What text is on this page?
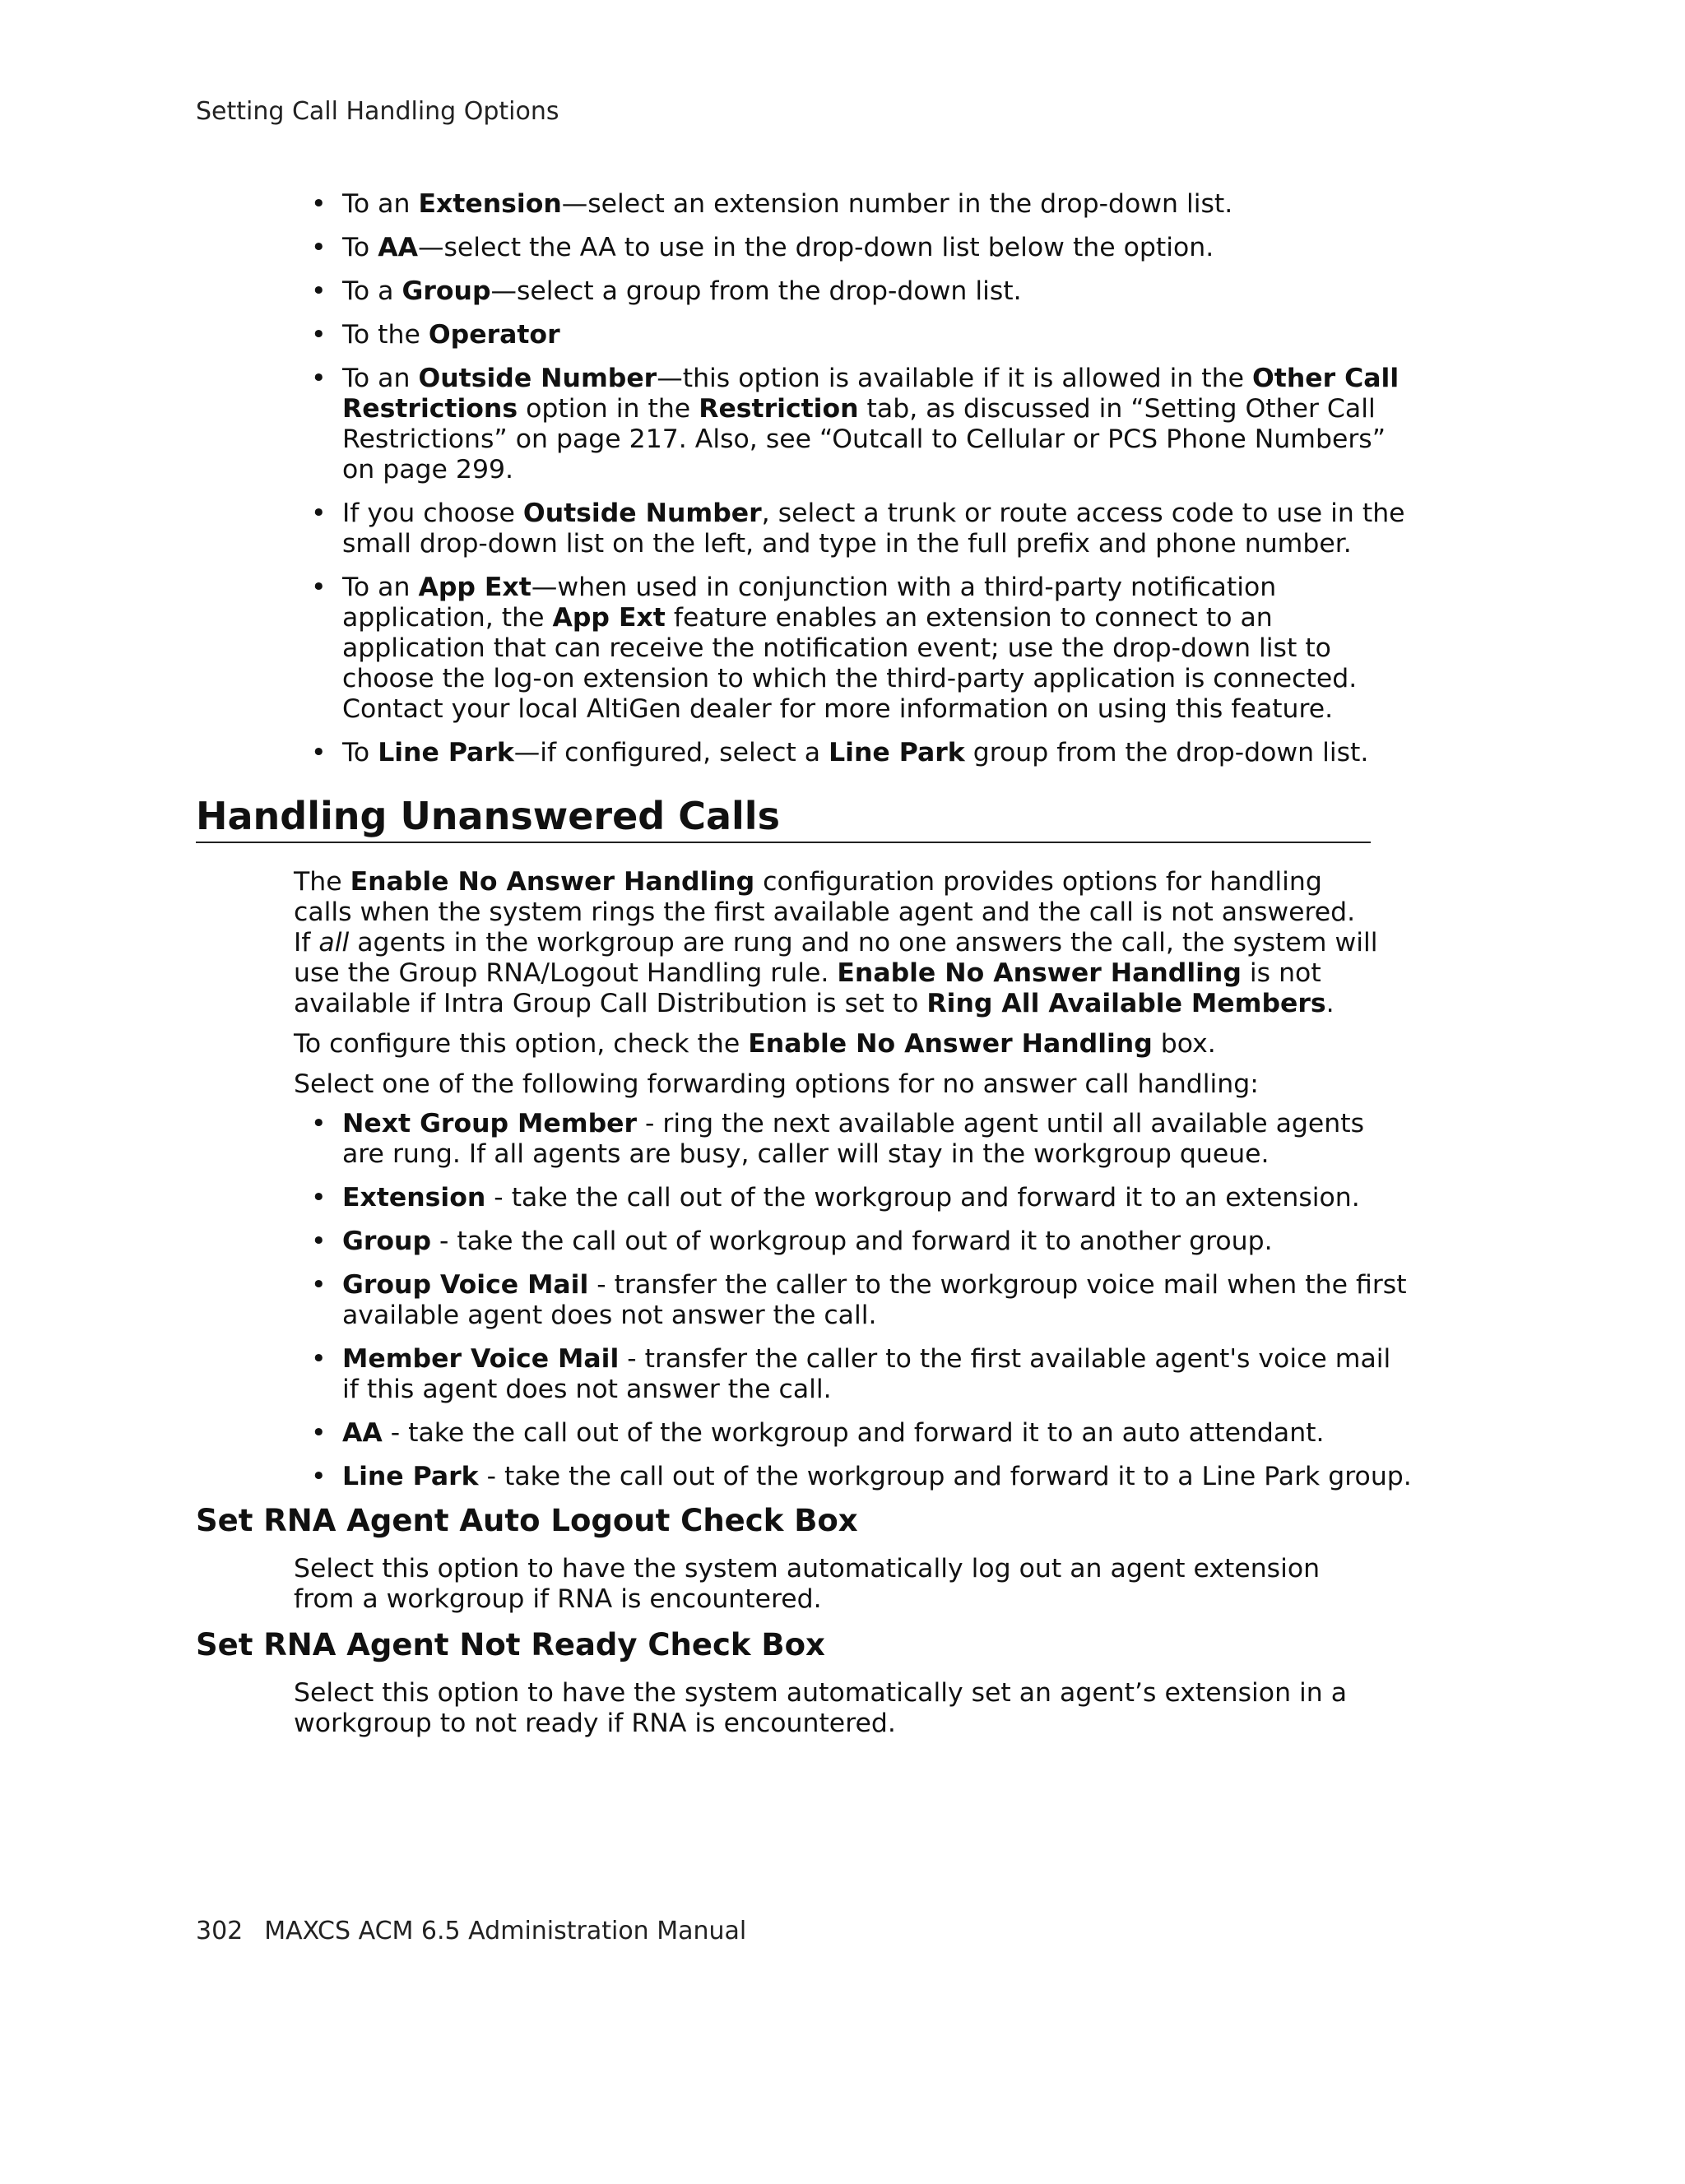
Setting Call Handling Options
• To an Extension—select an extension number in the drop-down list.
• To AA—select the AA to use in the drop-down list below the option.
• To a Group—select a group from the drop-down list.
• To the Operator
• To an Outside Number—this option is available if it is allowed in the Other Call Restrictions option in the Restriction tab, as discussed in “Setting Other Call Restrictions” on page 217. Also, see “Outcall to Cellular or PCS Phone Numbers” on page 299.
• If you choose Outside Number, select a trunk or route access code to use in the small drop-down list on the left, and type in the full prefix and phone number.
• To an App Ext—when used in conjunction with a third-party notification application, the App Ext feature enables an extension to connect to an application that can receive the notification event; use the drop-down list to choose the log-on extension to which the third-party application is connected. Contact your local AltiGen dealer for more information on using this feature.
• To Line Park—if configured, select a Line Park group from the drop-down list.
Handling Unanswered Calls

The Enable No Answer Handling configuration provides options for handling calls when the system rings the first available agent and the call is not answered. If all agents in the workgroup are rung and no one answers the call, the system will use the Group RNA/Logout Handling rule. Enable No Answer Handling is not available if Intra Group Call Distribution is set to Ring All Available Members.

To configure this option, check the Enable No Answer Handling box.

Select one of the following forwarding options for no answer call handling:

• Next Group Member - ring the next available agent until all available agents are rung. If all agents are busy, caller will stay in the workgroup queue.
• Extension - take the call out of the workgroup and forward it to an extension.
• Group - take the call out of workgroup and forward it to another group.
• Group Voice Mail - transfer the caller to the workgroup voice mail when the first available agent does not answer the call.
• Member Voice Mail - transfer the caller to the first available agent's voice mail if this agent does not answer the call.
• AA - take the call out of the workgroup and forward it to an auto attendant.
• Line Park - take the call out of the workgroup and forward it to a Line Park group.
Set RNA Agent Auto Logout Check Box

Select this option to have the system automatically log out an agent extension from a workgroup if RNA is encountered.

Set RNA Agent Not Ready Check Box

Select this option to have the system automatically set an agent’s extension in a workgroup to not ready if RNA is encountered.

302 MAXCS ACM 6.5 Administration Manual
